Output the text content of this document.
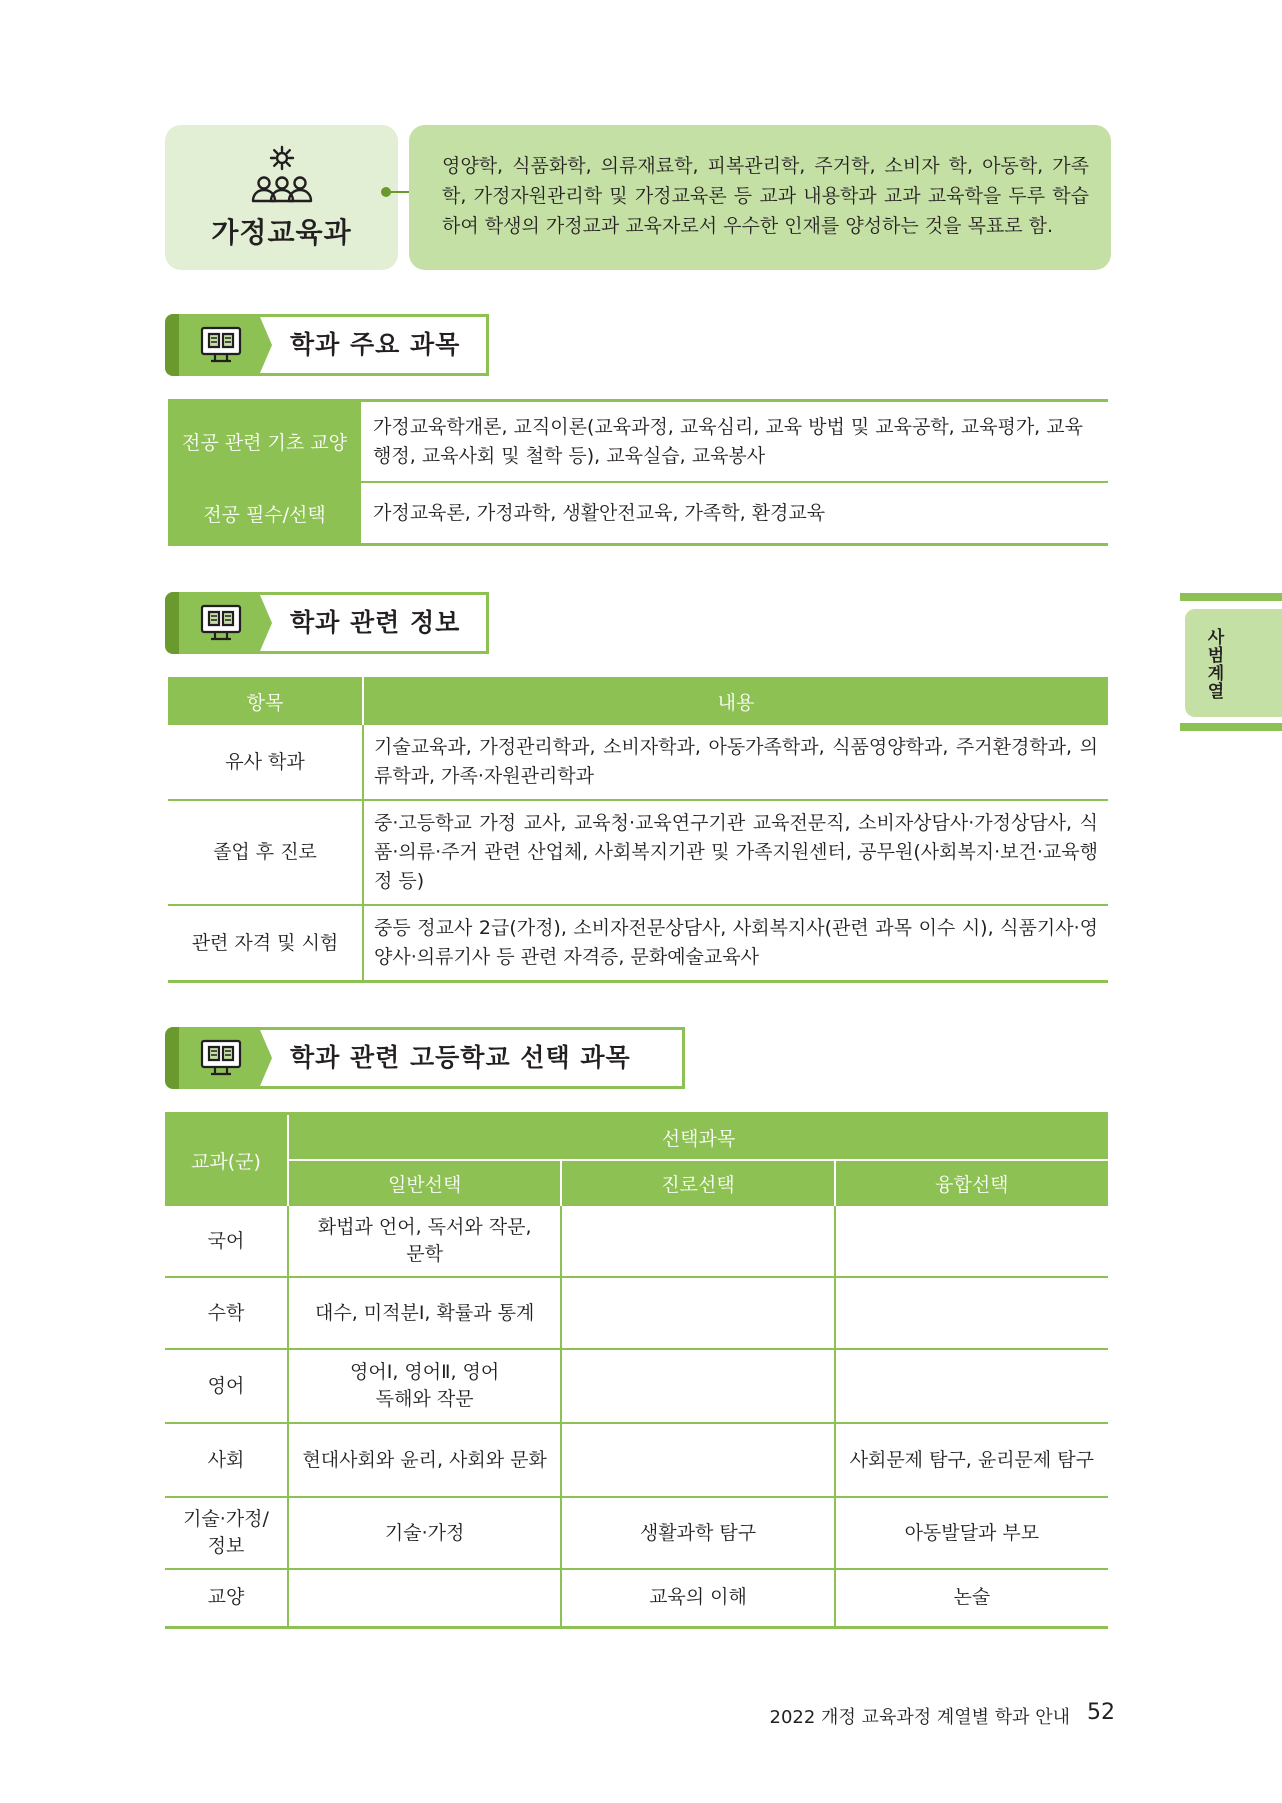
가정교육과
영양학, 식품화학, 의류재료학, 피복관리학, 주거학, 소비자 학, 아동학, 가족학, 가정자원관리학 및 가정교육론 등 교과 내용학과 교과 교육학을 두루 학습하여 학생의 가정교과 교육자로서 우수한 인재를 양성하는 것을 목표로 함.
학과 주요 과목
전공 관련 기초 교양	가정교육학개론, 교직이론(교육과정, 교육심리, 교육 방법 및 교육공학, 교육평가, 교육행정, 교육사회 및 철학 등), 교육실습, 교육봉사
전공 필수/선택	가정교육론, 가정과학, 생활안전교육, 가족학, 환경교육
학과 관련 정보
항목	내용
유사 학과	기술교육과, 가정관리학과, 소비자학과, 아동가족학과, 식품영양학과, 주거환경학과, 의류학과, 가족·자원관리학과
졸업 후 진로	중·고등학교 가정 교사, 교육청·교육연구기관 교육전문직, 소비자상담사·가정상담사, 식품·의류·주거 관련 산업체, 사회복지기관 및 가족지원센터, 공무원(사회복지·보건·교육행정 등)
관련 자격 및 시험	중등 정교사 2급(가정), 소비자전문상담사, 사회복지사(관련 과목 이수 시), 식품기사·영양사·의류기사 등 관련 자격증, 문화예술교육사
학과 관련 고등학교 선택 과목
교과(군)	선택과목		
	일반선택	진로선택	융합선택
국어	화법과 언어, 독서와 작문, 문학		
수학	대수, 미적분Ⅰ, 확률과 통계		
영어	영어Ⅰ, 영어Ⅱ, 영어 독해와 작문		
사회	현대사회와 윤리, 사회와 문화		사회문제 탐구, 윤리문제 탐구
기술·가정/ 정보	기술·가정	생활과학 탐구	아동발달과 부모
교양		교육의 이해	논술
사범계열
2022 개정 교육과정 계열별 학과 안내 52
